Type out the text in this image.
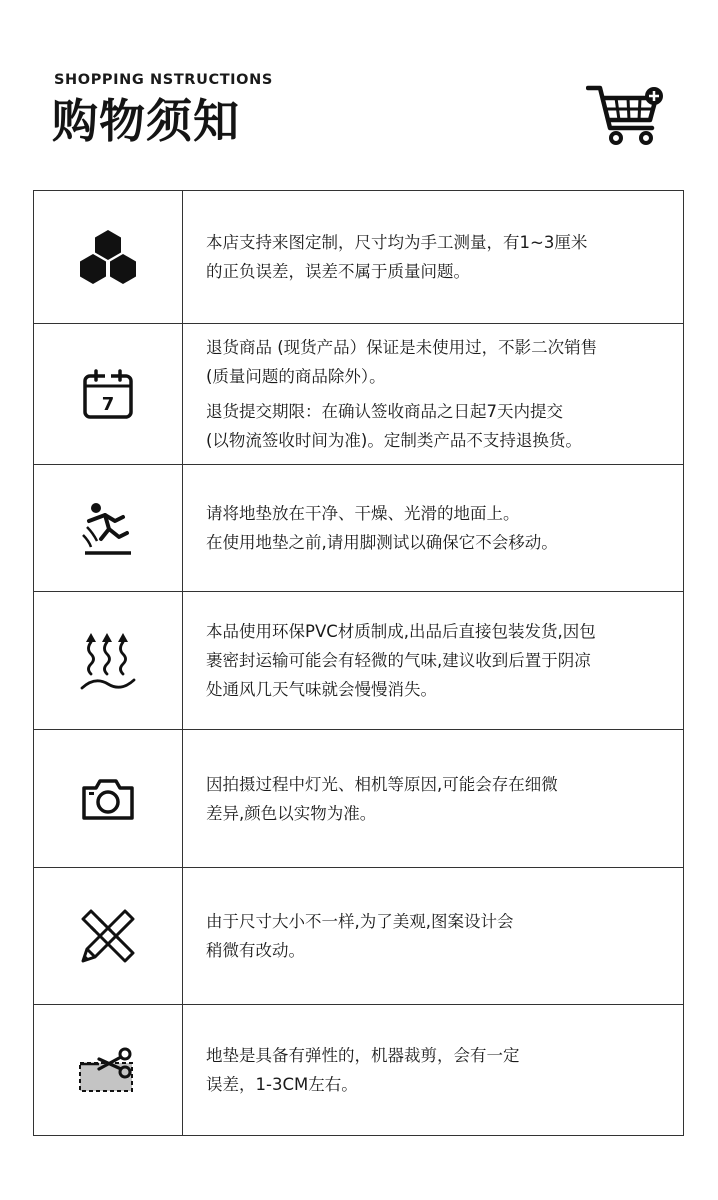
SHOPPING NSTRUCTIONS
购物须知
本店支持来图定制，尺寸均为手工测量，有1~3厘米
的正负误差，误差不属于质量问题。
7
退货商品 (现货产品）保证是未使用过，不影二次销售
(质量问题的商品除外）。
退货提交期限：在确认签收商品之日起7天内提交
(以物流签收时间为准)。定制类产品不支持退换货。
请将地垫放在干净、干燥、光滑的地面上。
在使用地垫之前,请用脚测试以确保它不会移动。
本品使用环保PVC材质制成,出品后直接包装发货,因包
裹密封运输可能会有轻微的气味,建议收到后置于阴凉
处通风几天气味就会慢慢消失。
因拍摄过程中灯光、相机等原因,可能会存在细微
差异,颜色以实物为准。
由于尺寸大小不一样,为了美观,图案设计会
稍微有改动。
地垫是具备有弹性的，机器裁剪，会有一定
误差，1-3CM左右。
